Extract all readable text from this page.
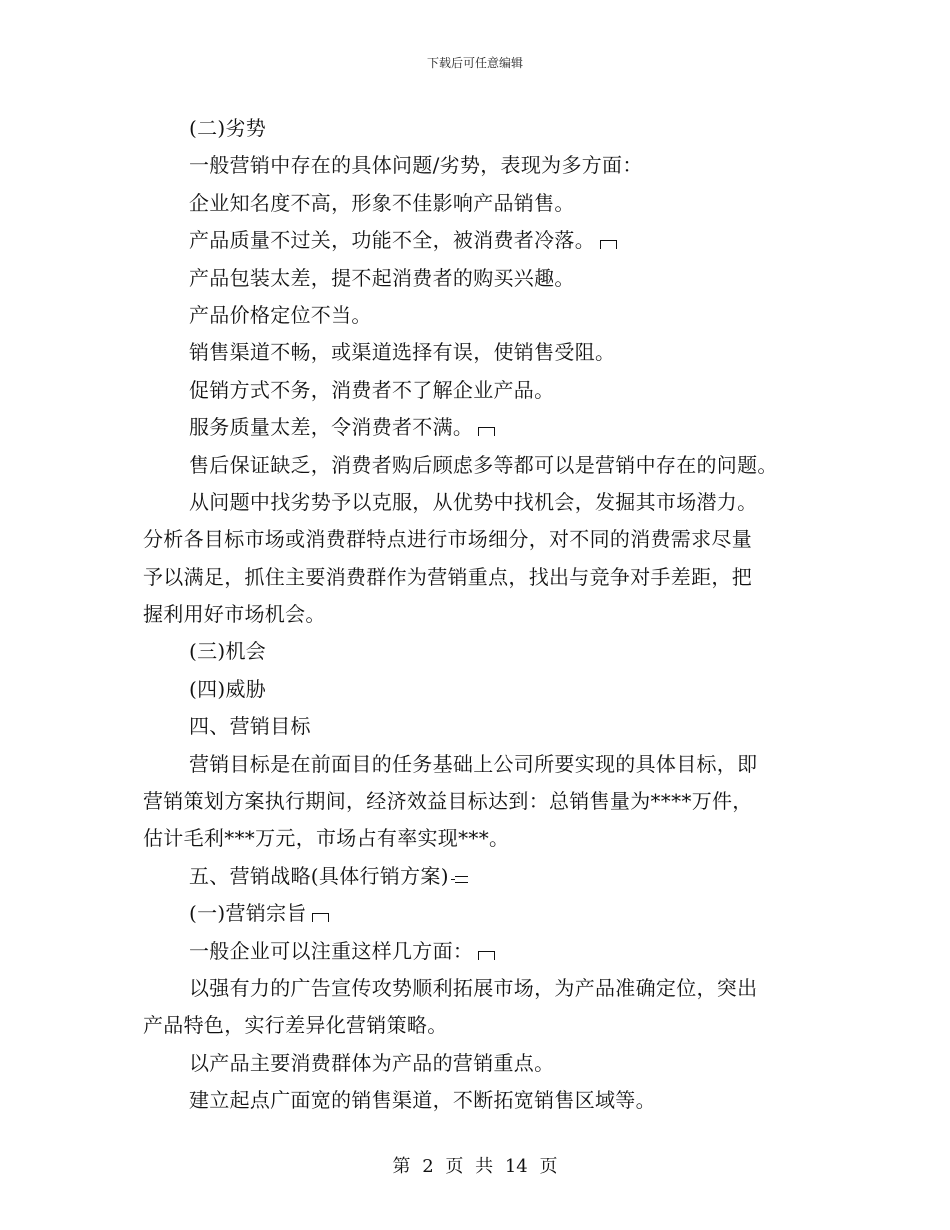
下载后可任意编辑
(二)劣势
一般营销中存在的具体问题/劣势，表现为多方面：
企业知名度不高，形象不佳影响产品销售。
产品质量不过关，功能不全，被消费者冷落。
产品包装太差，提不起消费者的购买兴趣。
产品价格定位不当。
销售渠道不畅，或渠道选择有误，使销售受阻。
促销方式不务，消费者不了解企业产品。
服务质量太差，令消费者不满。
售后保证缺乏，消费者购后顾虑多等都可以是营销中存在的问题。
从问题中找劣势予以克服，从优势中找机会，发掘其市场潜力。
分析各目标市场或消费群特点进行市场细分，对不同的消费需求尽量
予以满足，抓住主要消费群作为营销重点，找出与竞争对手差距，把
握利用好市场机会。
(三)机会
(四)威胁
四、营销目标
营销目标是在前面目的任务基础上公司所要实现的具体目标，即
营销策划方案执行期间，经济效益目标达到：总销售量为****万件，
估计毛利***万元，市场占有率实现***。
五、营销战略(具体行销方案)
(一)营销宗旨
一般企业可以注重这样几方面：
以强有力的广告宣传攻势顺利拓展市场，为产品准确定位，突出
产品特色，实行差异化营销策略。
以产品主要消费群体为产品的营销重点。
建立起点广面宽的销售渠道，不断拓宽销售区域等。
第 2 页 共 14 页
